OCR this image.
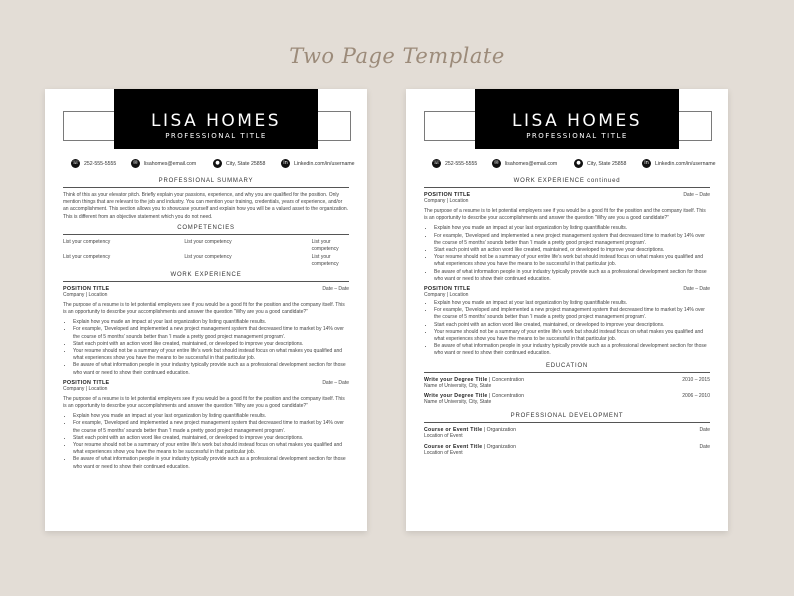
Two Page Template
LISA HOMES
PROFESSIONAL TITLE
☏ 252-555-5555	✉	lisahomes@email.com	●	City, State 25858	in	Linkedin.com/in/username
PROFESSIONAL SUMMARY

Think of this as your elevator pitch. Briefly explain your passions, experience, and why you are qualified for the position. Only mention things that are relevant to the job and industry. You can mention your training, credentials, years of experience, and/or an accomplishment. This section allows you to showcase yourself and explain how you will be a valued asset to the organization. This is different from an objective statement which you do not need.

COMPETENCIES
List your competency	List your competency	List your competency
List your competency	List your competency	List your competency
WORK EXPERIENCE
POSITION TITLE	Date – Date
Company | Location

The purpose of a resume is to let potential employers see if you would be a good fit for the position and the company itself. This is an opportunity to describe your accomplishments and answer the question “Why are you a good candidate?”

• Explain how you made an impact at your last organization by listing quantifiable results.
• For example, ‘Developed and implemented a new project management system that decreased time to market by 14% over the course of 5 months’ sounds better than ‘I made a pretty good project management program’.
• Start each point with an action word like created, maintained, or developed to improve your descriptions.
• Your resume should not be a summary of your entire life’s work but should instead focus on what makes you qualified and what experiences show you have the means to be successful in that particular job.
• Be aware of what information people in your industry typically provide such as a professional development section for those who want or need to show their continued education.
POSITION TITLE	Date – Date
Company | Location

The purpose of a resume is to let potential employers see if you would be a good fit for the position and the company itself. This is an opportunity to describe your accomplishments and answer the question “Why are you a good candidate?”

• Explain how you made an impact at your last organization by listing quantifiable results.
• For example, ‘Developed and implemented a new project management system that decreased time to market by 14% over the course of 5 months’ sounds better than ‘I made a pretty good project management program’.
• Start each point with an action word like created, maintained, or developed to improve your descriptions.
• Your resume should not be a summary of your entire life’s work but should instead focus on what makes you qualified and what experiences show you have the means to be successful in that particular job.
• Be aware of what information people in your industry typically provide such as a professional development section for those who want or need to show their continued education.
LISA HOMES
PROFESSIONAL TITLE
☏ 252-555-5555	✉	lisahomes@email.com	●	City, State 25858	in	Linkedin.com/in/username
WORK EXPERIENCE continued
POSITION TITLE	Date – Date
Company | Location

The purpose of a resume is to let potential employers see if you would be a good fit for the position and the company itself. This is an opportunity to describe your accomplishments and answer the question “Why are you a good candidate?”

• Explain how you made an impact at your last organization by listing quantifiable results.
• For example, ‘Developed and implemented a new project management system that decreased time to market by 14% over the course of 5 months’ sounds better than ‘I made a pretty good project management program’.
• Start each point with an action word like created, maintained, or developed to improve your descriptions.
• Your resume should not be a summary of your entire life’s work but should instead focus on what makes you qualified and what experiences show you have the means to be successful in that particular job.
• Be aware of what information people in your industry typically provide such as a professional development section for those who want or need to show their continued education.
POSITION TITLE	Date – Date
Company | Location
• Explain how you made an impact at your last organization by listing quantifiable results.
• For example, ‘Developed and implemented a new project management system that decreased time to market by 14% over the course of 5 months’ sounds better than ‘I made a pretty good project management program’.
• Start each point with an action word like created, maintained, or developed to improve your descriptions.
• Your resume should not be a summary of your entire life’s work but should instead focus on what makes you qualified and what experiences show you have the means to be successful in that particular job.
• Be aware of what information people in your industry typically provide such as a professional development section for those who want or need to show their continued education.
EDUCATION
Write your Degree Title | Concentration	2010 – 2015
Name of University, City, State
Write your Degree Title | Concentration	2006 – 2010
Name of University, City, State
PROFESSIONAL DEVELOPMENT
Course or Event Title | Organization	Date
Location of Event
Course or Event Title | Organization	Date
Location of Event
